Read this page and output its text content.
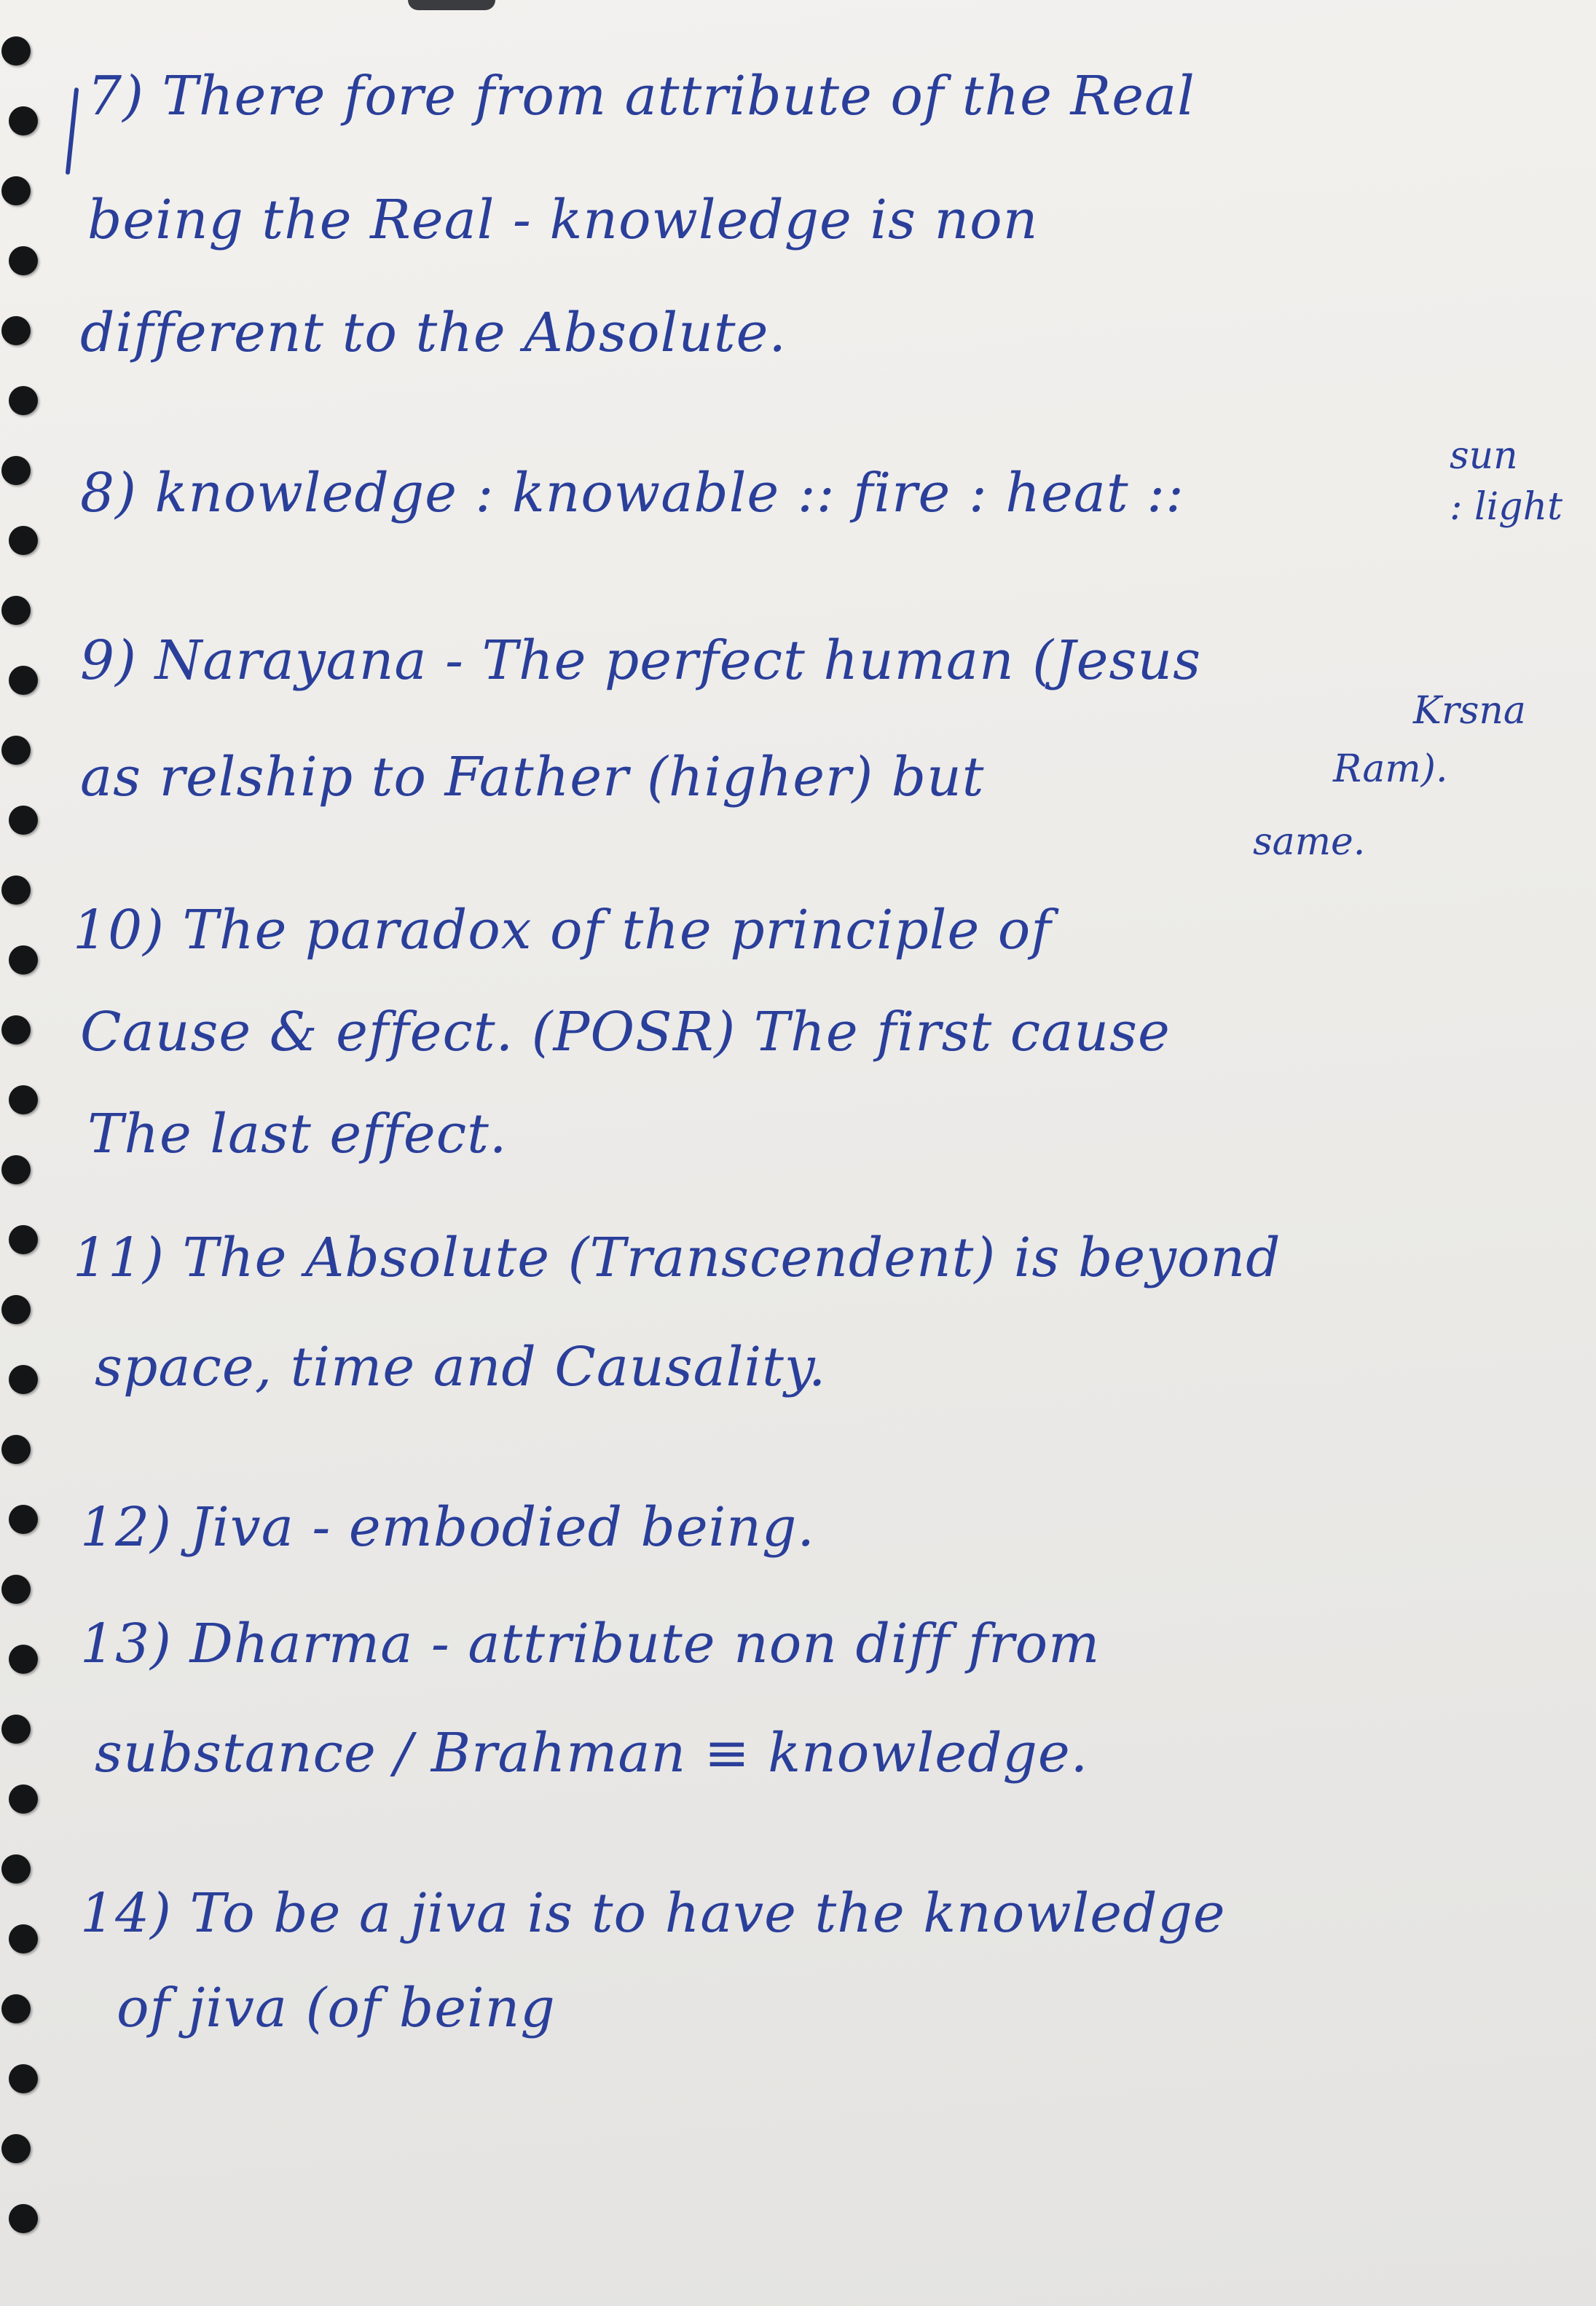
7) There fore from attribute of the Real

being the Real - knowledge is non

different to the Absolute.

8) knowledge : knowable :: fire : heat ::

sun
: light

9) Narayana - The perfect human (Jesus

Krsna

as relship to Father (higher) but	Ram).
same.

10) The paradox of the principle of

Cause & effect. (POSR) The first cause

The last effect.

11) The Absolute (Transcendent) is beyond

space, time and Causality.

12) Jiva - embodied being.

13) Dharma - attribute non diff from

substance / Brahman ≡ knowledge.

14) To be a jiva is to have the knowledge

of jiva (of being
